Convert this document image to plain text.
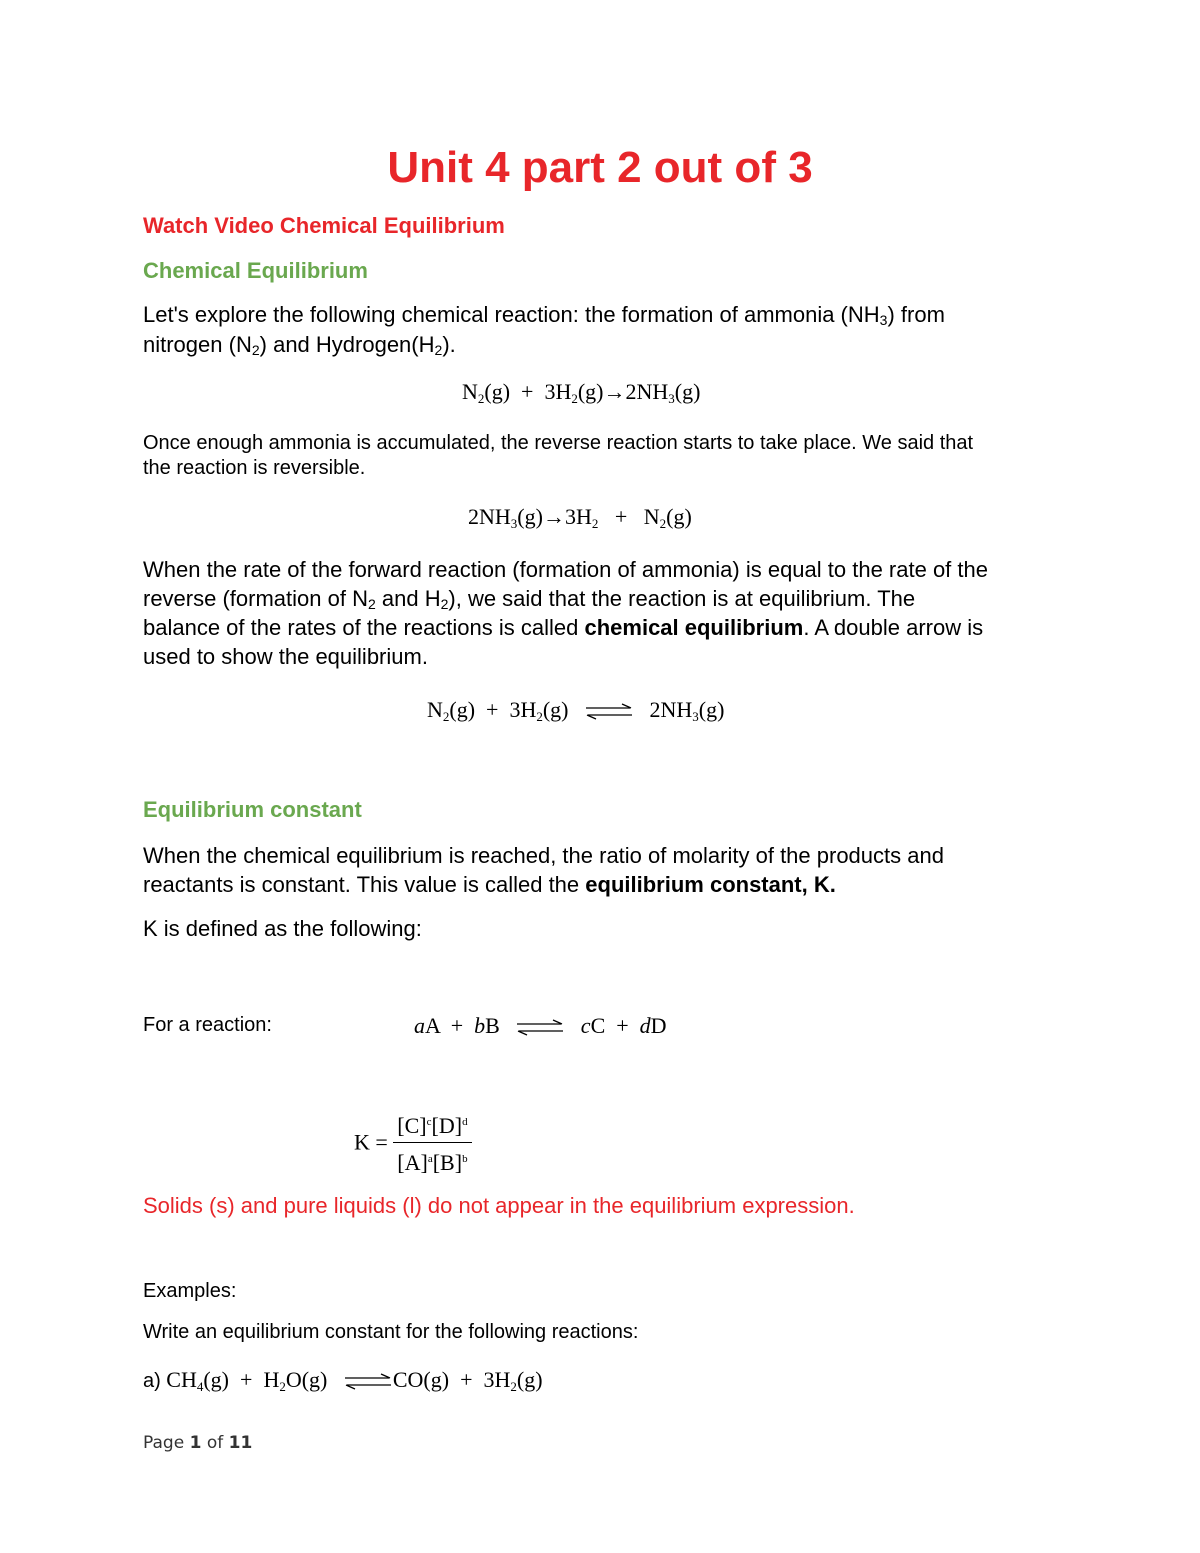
Unit 4 part 2 out of 3
Watch Video Chemical Equilibrium
Chemical Equilibrium
Let's explore the following chemical reaction: the formation of ammonia $(NH_3)$ from
nitrogen $(N_2)$ and $Hydrogen(H_2)$.
$N_2(g) + 3H_2(g)\to 2NH_3(g)$
Once enough ammonia is accumulated, the reverse reaction starts to take place. We said that
the reaction is reversible.
$2NH_3(g)\to 3H_2 + N_2(g)$
When the rate of the forward reaction (formation of ammonia) is equal to the rate of the
reverse (formation of $N_2$ and $H_2$), we said that the reaction is at equilibrium. The
balance of the rates of the reactions is called chemical equilibrium. A double arrow is
used to show the equilibrium.
$N_2(g) + 3H_2(g)$	$2NH_3(g)$
Equilibrium constant
When the chemical equilibrium is reached, the ratio of molarity of the products and
reactants is constant. This value is called the equilibrium constant, K.
K is defined as the following:
For a reaction:	aA + bB	cC + dD
$K = \frac{[C]^c[D]^d}{[A]^a[B]^b}$
Solids (s) and pure liquids (l) do not appear in the equilibrium expression.
Examples:
Write an equilibrium constant for the following reactions:
a) $CH_4(g) + H_2O(g)$	$CO(g) + 3H_2(g)$
Page 1 of 11
